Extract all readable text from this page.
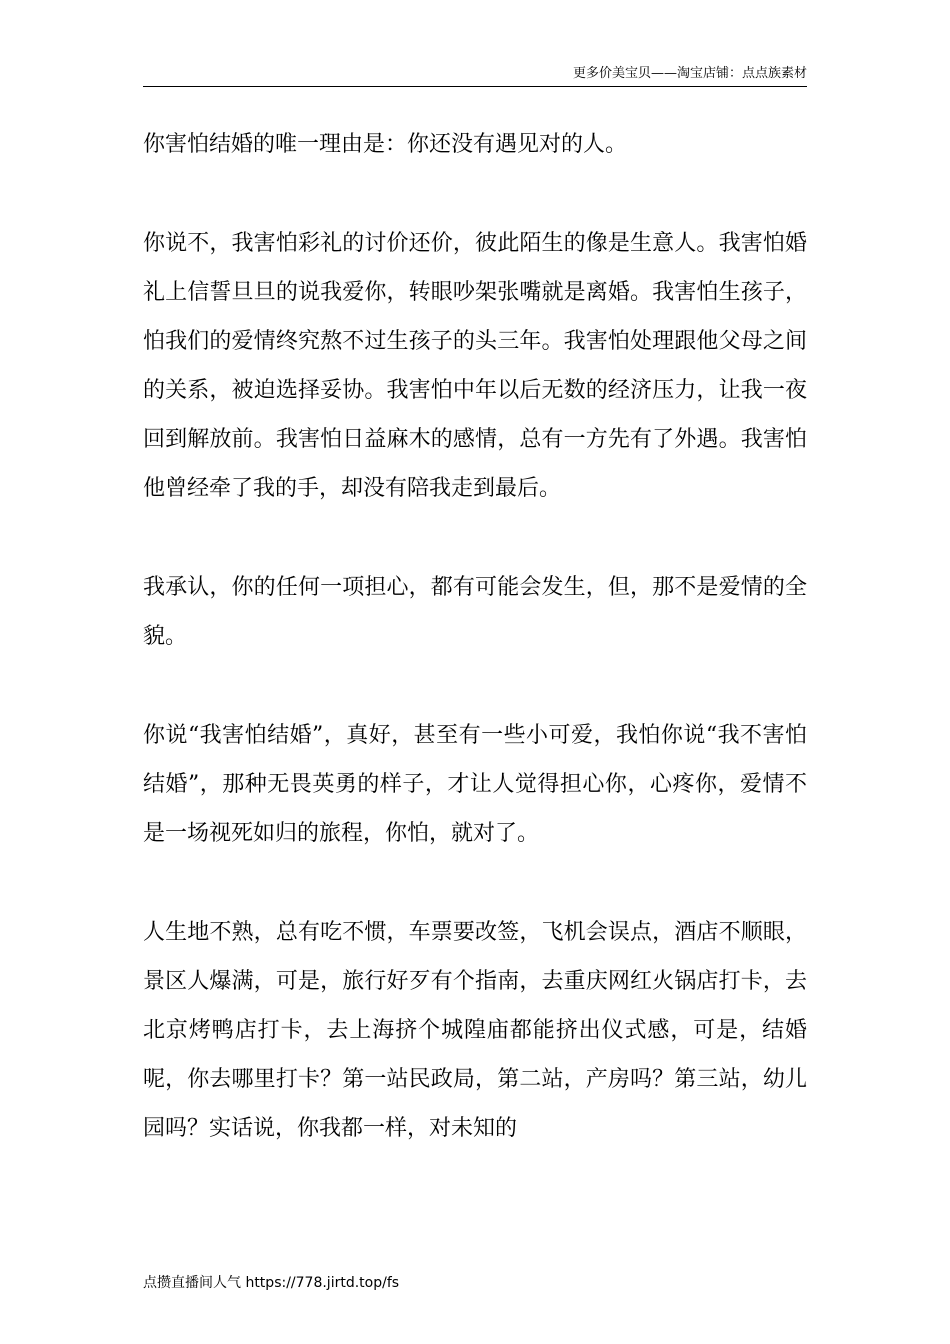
更多价美宝贝——淘宝店铺：点点族素材

你害怕结婚的唯一理由是：你还没有遇见对的人。

你说不，我害怕彩礼的讨价还价，彼此陌生的像是生意人。我害怕婚礼上信誓旦旦的说我爱你，转眼吵架张嘴就是离婚。我害怕生孩子，怕我们的爱情终究熬不过生孩子的头三年。我害怕处理跟他父母之间的关系，被迫选择妥协。我害怕中年以后无数的经济压力，让我一夜回到解放前。我害怕日益麻木的感情，总有一方先有了外遇。我害怕他曾经牵了我的手，却没有陪我走到最后。

我承认，你的任何一项担心，都有可能会发生，但，那不是爱情的全貌。

你说“我害怕结婚”，真好，甚至有一些小可爱，我怕你说“我不害怕结婚”，那种无畏英勇的样子，才让人觉得担心你，心疼你，爱情不是一场视死如归的旅程，你怕，就对了。

人生地不熟，总有吃不惯，车票要改签，飞机会误点，酒店不顺眼，景区人爆满，可是，旅行好歹有个指南，去重庆网红火锅店打卡，去北京烤鸭店打卡，去上海挤个城隍庙都能挤出仪式感，可是，结婚呢，你去哪里打卡？第一站民政局，第二站，产房吗？第三站，幼儿园吗？实话说，你我都一样，对未知的

点攒直播间人气 https://778.jirtd.top/fs
